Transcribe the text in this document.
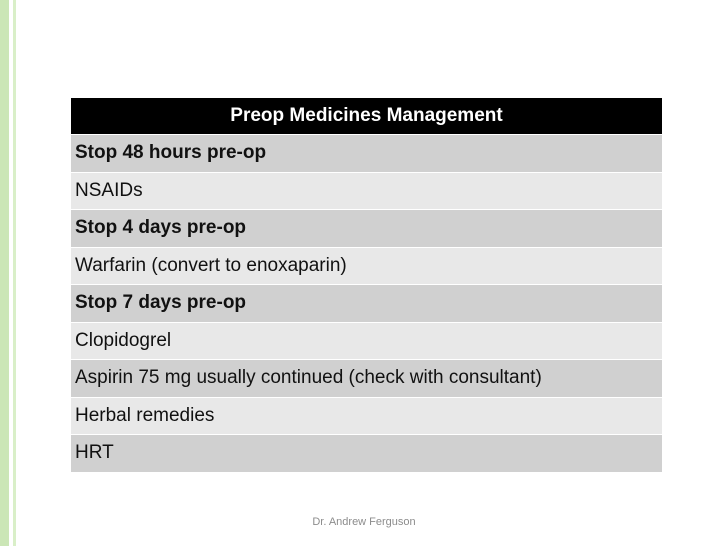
Preop Medicines Management
Stop 48 hours pre-op
NSAIDs
Stop 4 days pre-op
Warfarin (convert to enoxaparin)
Stop 7 days pre-op
Clopidogrel
Aspirin 75 mg usually continued (check with consultant)
Herbal remedies
HRT
Dr. Andrew Ferguson
